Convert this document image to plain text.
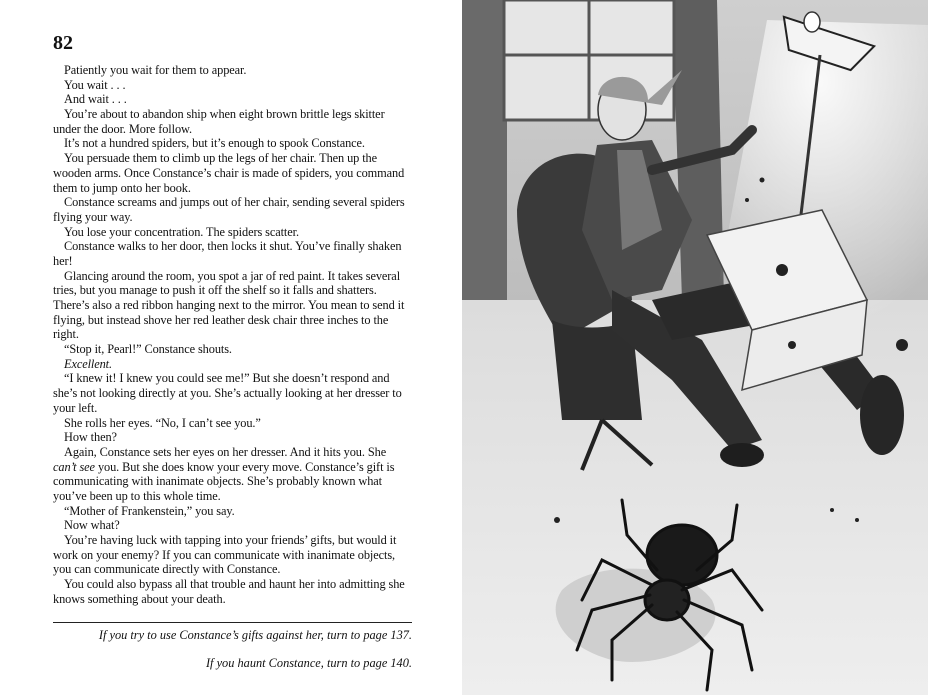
82

Patiently you wait for them to appear.

You wait . . .

And wait . . .

You’re about to abandon ship when eight brown brittle legs skitter under the door. More follow.

It’s not a hundred spiders, but it’s enough to spook Constance.

You persuade them to climb up the legs of her chair. Then up the wooden arms. Once Constance’s chair is made of spiders, you command them to jump onto her book.

Constance screams and jumps out of her chair, sending several spiders flying your way.

You lose your concentration. The spiders scatter.

Constance walks to her door, then locks it shut. You’ve finally shaken her!

Glancing around the room, you spot a jar of red paint. It takes several tries, but you manage to push it off the shelf so it falls and shatters. There’s also a red ribbon hanging next to the mirror. You mean to send it flying, but instead shove her red leather desk chair three inches to the right.

“Stop it, Pearl!” Constance shouts.

Excellent.

“I knew it! I knew you could see me!” But she doesn’t respond and she’s not looking directly at you. She’s actually looking at her dresser to your left.

She rolls her eyes. “No, I can’t see you.”

How then?

Again, Constance sets her eyes on her dresser. And it hits you. She can’t see you. But she does know your every move. Constance’s gift is communicating with inanimate objects. She’s probably known what you’ve been up to this whole time.

“Mother of Frankenstein,” you say.

Now what?

You’re having luck with tapping into your friends’ gifts, but would it work on your enemy? If you can communicate with inanimate objects, you can communicate directly with Constance.

You could also bypass all that trouble and haunt her into admitting she knows something about your death.

If you try to use Constance’s gifts against her, turn to page 137.
If you haunt Constance, turn to page 140.
